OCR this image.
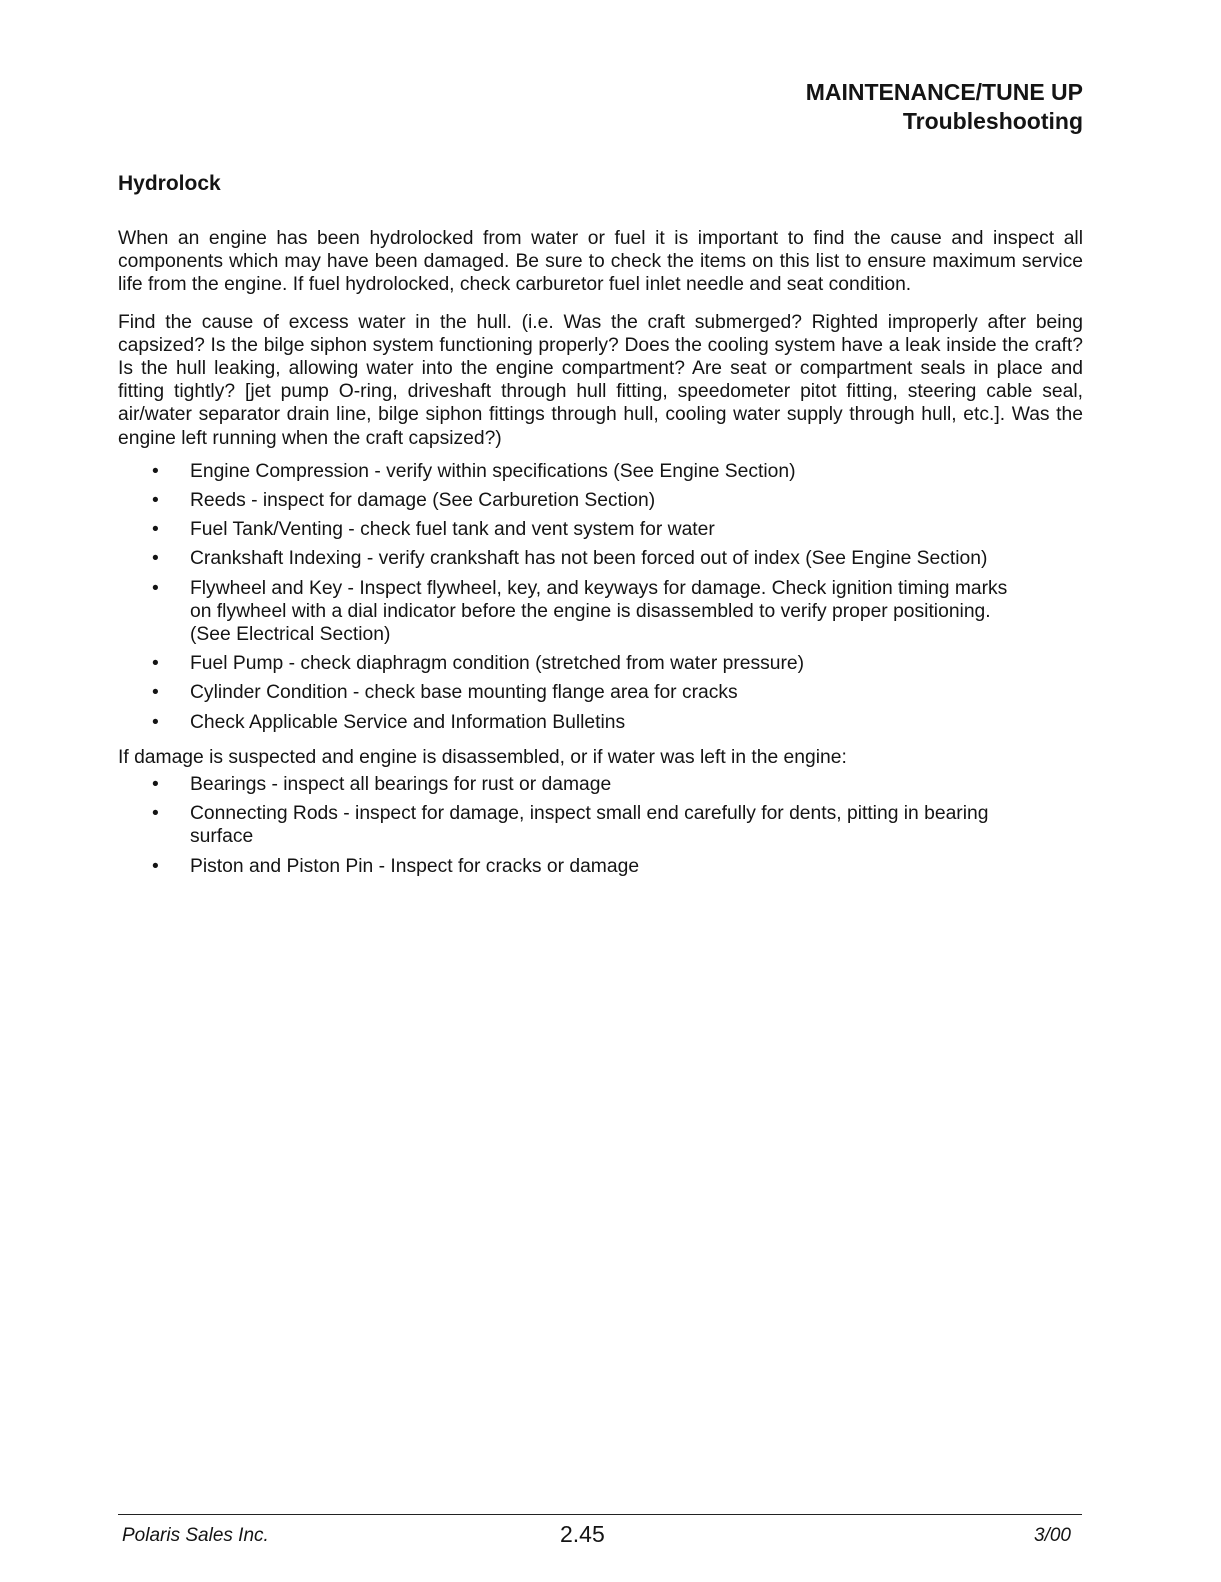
MAINTENANCE/TUNE UP
Troubleshooting
Hydrolock

When an engine has been hydrolocked from water or fuel it is important to find the cause and inspect all components which may have been damaged. Be sure to check the items on this list to ensure maximum service life from the engine. If fuel hydrolocked, check carburetor fuel inlet needle and seat condition.

Find the cause of excess water in the hull. (i.e. Was the craft submerged? Righted improperly after being capsized? Is the bilge siphon system functioning properly? Does the cooling system have a leak inside the craft? Is the hull leaking, allowing water into the engine compartment? Are seat or compartment seals in place and fitting tightly? [jet pump O-ring, driveshaft through hull fitting, speedometer pitot fitting, steering cable seal, air/water separator drain line, bilge siphon fittings through hull, cooling water supply through hull, etc.]. Was the engine left running when the craft capsized?)

• Engine Compression - verify within specifications (See Engine Section)
• Reeds - inspect for damage (See Carburetion Section)
• Fuel Tank/Venting - check fuel tank and vent system for water
• Crankshaft Indexing - verify crankshaft has not been forced out of index (See Engine Section)
• Flywheel and Key - Inspect flywheel, key, and keyways for damage. Check ignition timing marks on flywheel with a dial indicator before the engine is disassembled to verify proper positioning. (See Electrical Section)
• Fuel Pump - check diaphragm condition (stretched from water pressure)
• Cylinder Condition - check base mounting flange area for cracks
• Check Applicable Service and Information Bulletins

If damage is suspected and engine is disassembled, or if water was left in the engine:

• Bearings - inspect all bearings for rust or damage
• Connecting Rods - inspect for damage, inspect small end carefully for dents, pitting in bearing surface
• Piston and Piston Pin - Inspect for cracks or damage
Polaris Sales Inc.	2.45	3/00
